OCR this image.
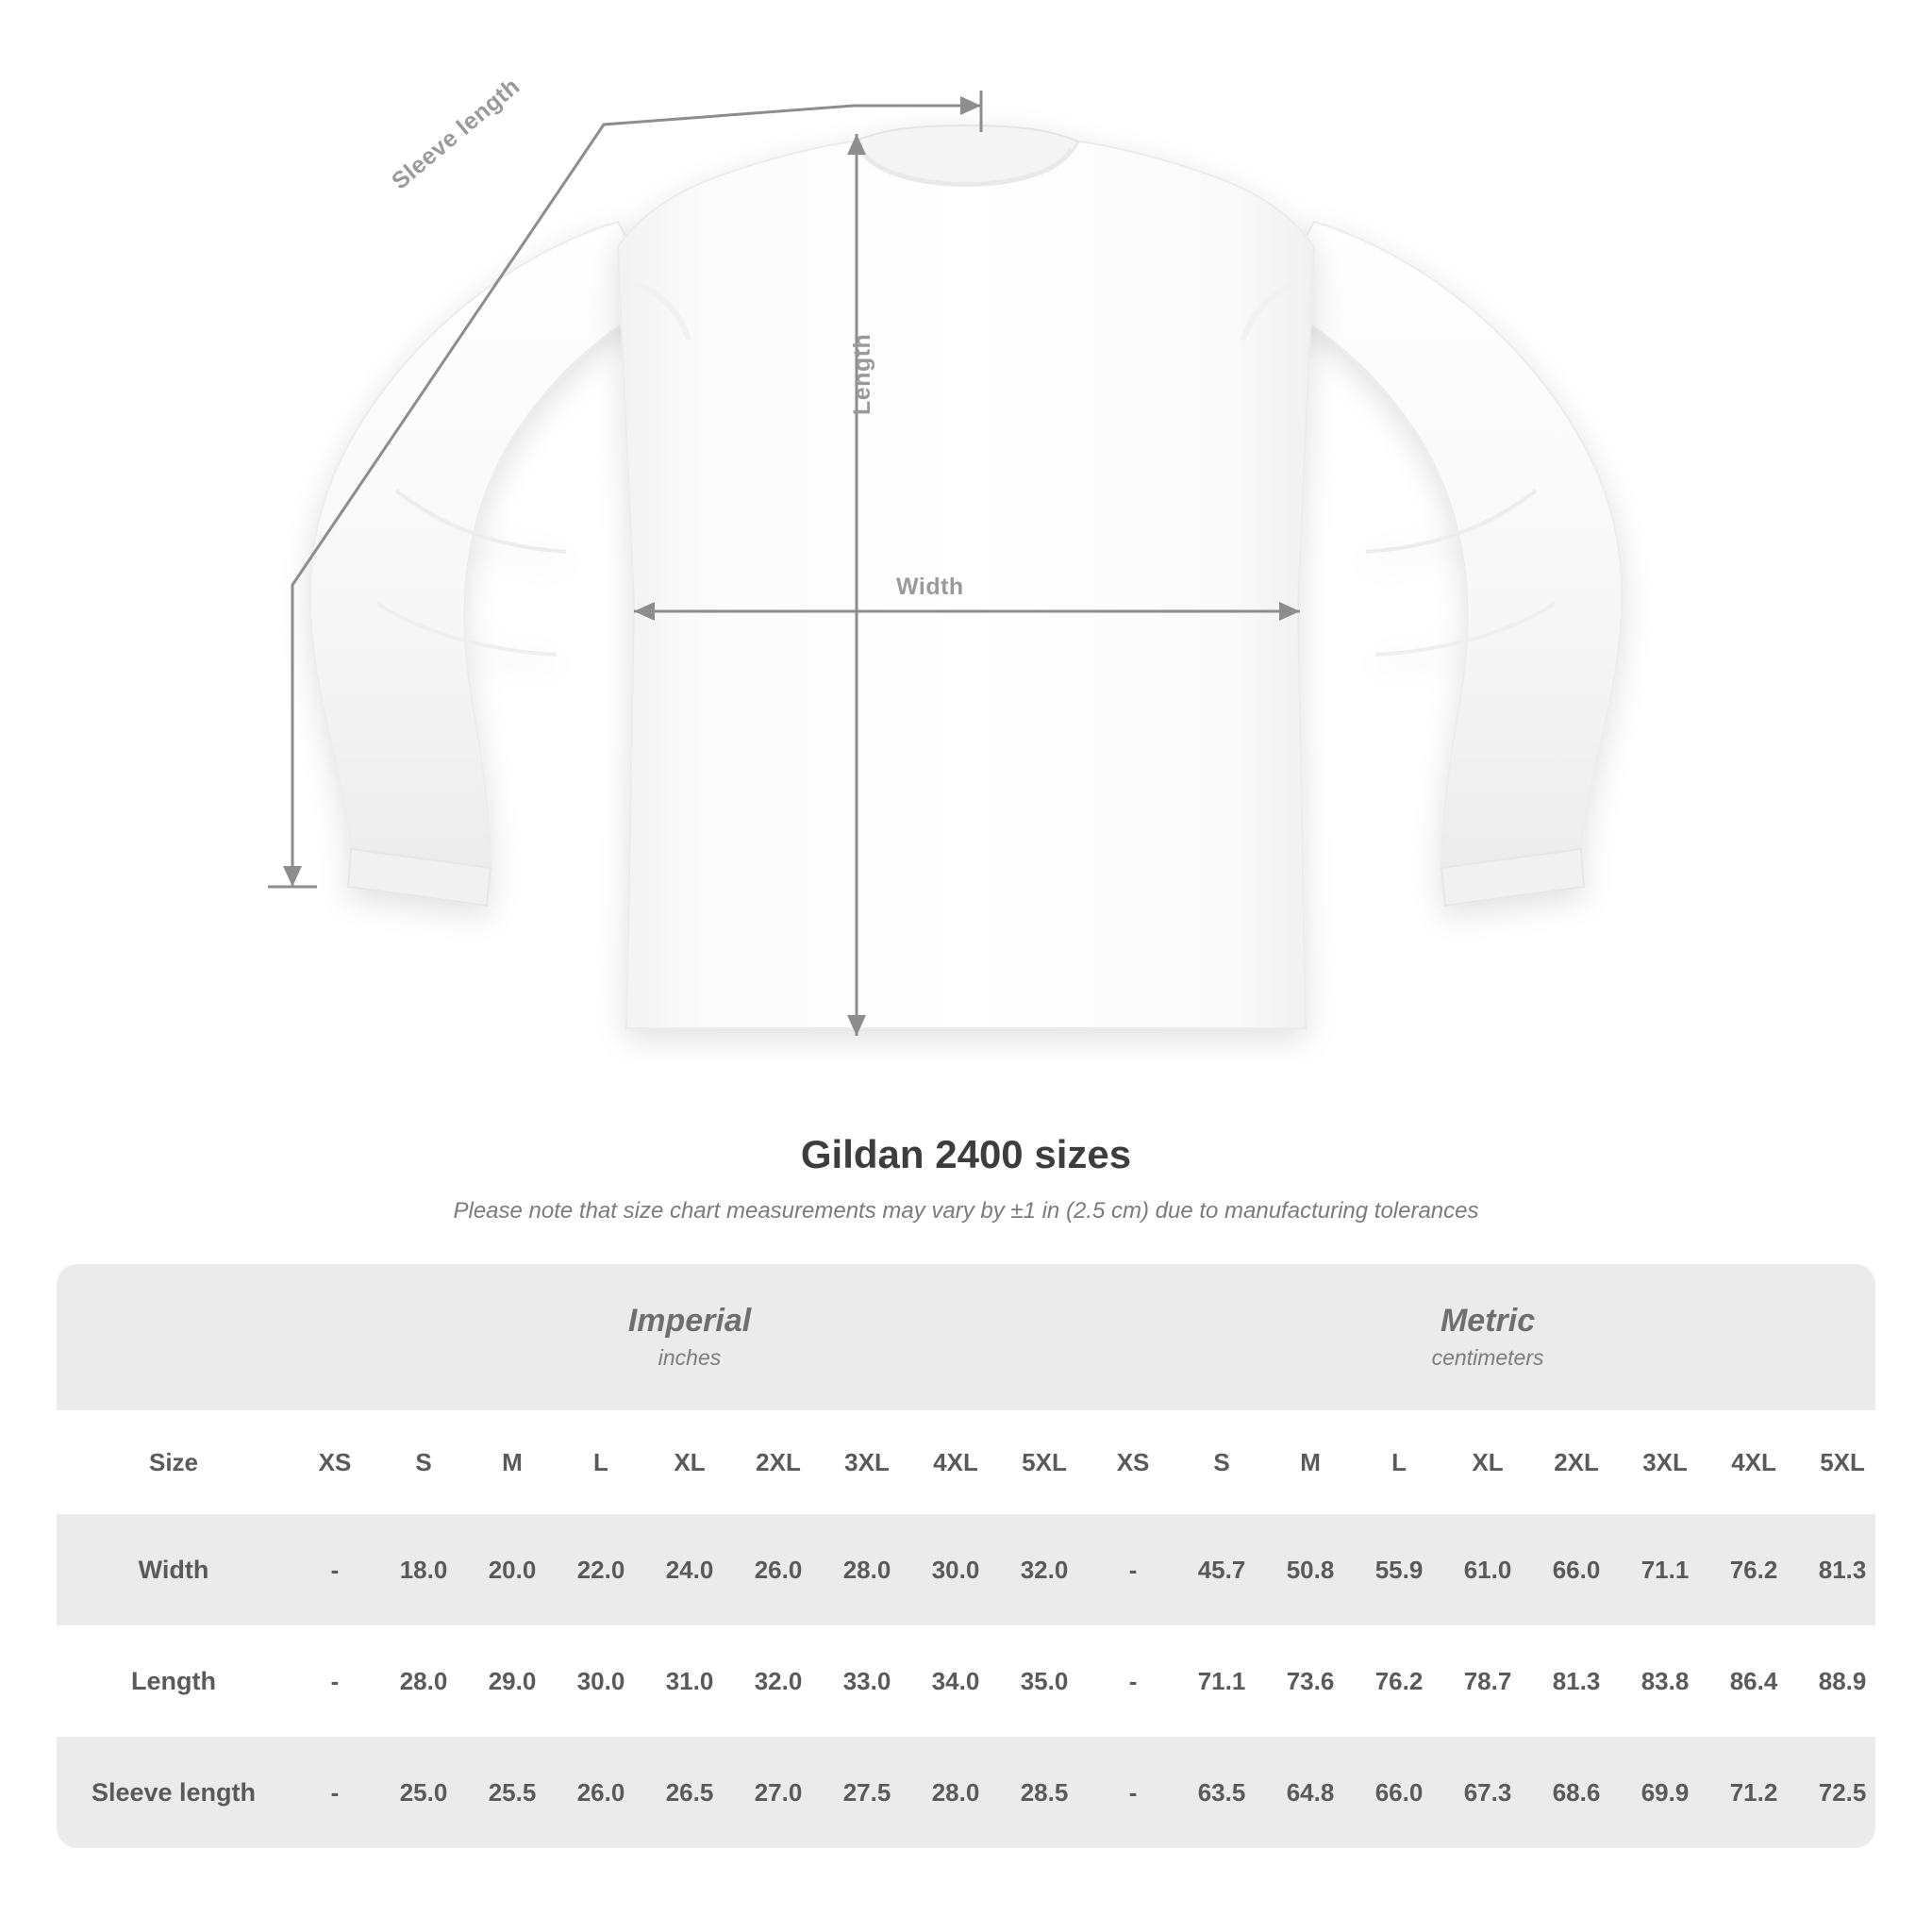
Width
Length
Sleeve length
Gildan 2400 sizes

Please note that size chart measurements may vary by ±1 in (2.5 cm) due to manufacturing tolerances

	Imperial
inches									Metric
centimeters								

Size	XS	S	M	L	XL	2XL	3XL	4XL	5XL	XS	S	M	L	XL	2XL	3XL	4XL	5XL
Width	-	18.0	20.0	22.0	24.0	26.0	28.0	30.0	32.0	-	45.7	50.8	55.9	61.0	66.0	71.1	76.2	81.3
Length	-	28.0	29.0	30.0	31.0	32.0	33.0	34.0	35.0	-	71.1	73.6	76.2	78.7	81.3	83.8	86.4	88.9
Sleeve length	-	25.0	25.5	26.0	26.5	27.0	27.5	28.0	28.5	-	63.5	64.8	66.0	67.3	68.6	69.9	71.2	72.5
